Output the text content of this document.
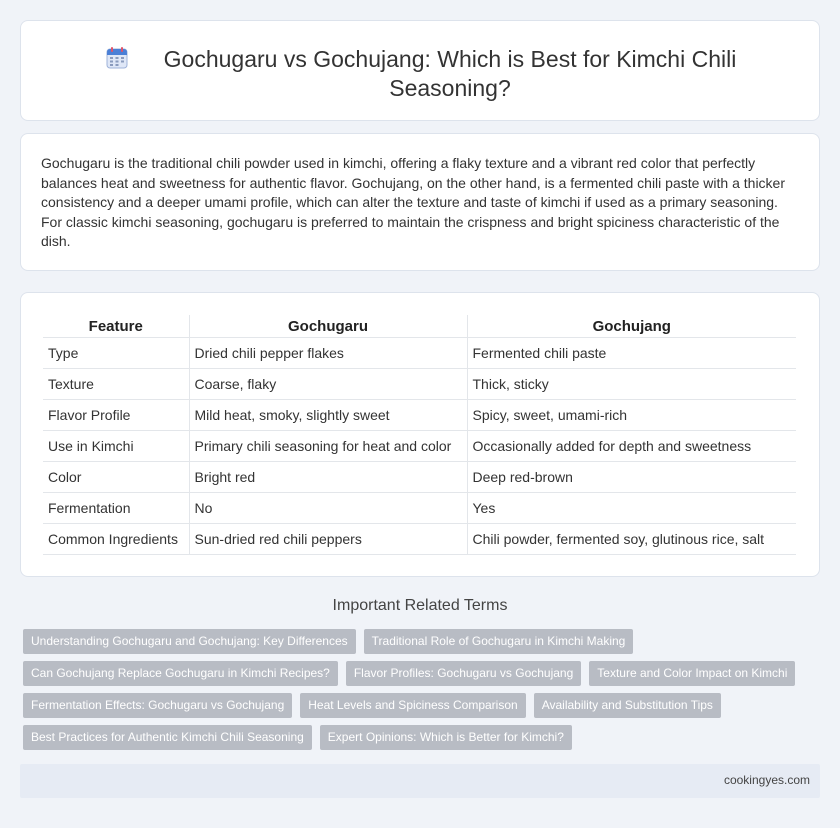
Gochugaru vs Gochujang: Which is Best for Kimchi Chili Seasoning?

Gochugaru is the traditional chili powder used in kimchi, offering a flaky texture and a vibrant red color that perfectly balances heat and sweetness for authentic flavor. Gochujang, on the other hand, is a fermented chili paste with a thicker consistency and a deeper umami profile, which can alter the texture and taste of kimchi if used as a primary seasoning. For classic kimchi seasoning, gochugaru is preferred to maintain the crispness and bright spiciness characteristic of the dish.

Feature	Gochugaru	Gochujang
Type	Dried chili pepper flakes	Fermented chili paste
Texture	Coarse, flaky	Thick, sticky
Flavor Profile	Mild heat, smoky, slightly sweet	Spicy, sweet, umami-rich
Use in Kimchi	Primary chili seasoning for heat and color	Occasionally added for depth and sweetness
Color	Bright red	Deep red-brown
Fermentation	No	Yes
Common Ingredients	Sun-dried red chili peppers	Chili powder, fermented soy, glutinous rice, salt
Important Related Terms
Understanding Gochugaru and Gochujang: Key Differences	Traditional Role of Gochugaru in Kimchi Making
Can Gochujang Replace Gochugaru in Kimchi Recipes?	Flavor Profiles: Gochugaru vs Gochujang	Texture and Color Impact on Kimchi
Fermentation Effects: Gochugaru vs Gochujang	Heat Levels and Spiciness Comparison	Availability and Substitution Tips
Best Practices for Authentic Kimchi Chili Seasoning	Expert Opinions: Which is Better for Kimchi?
cookingyes.com
